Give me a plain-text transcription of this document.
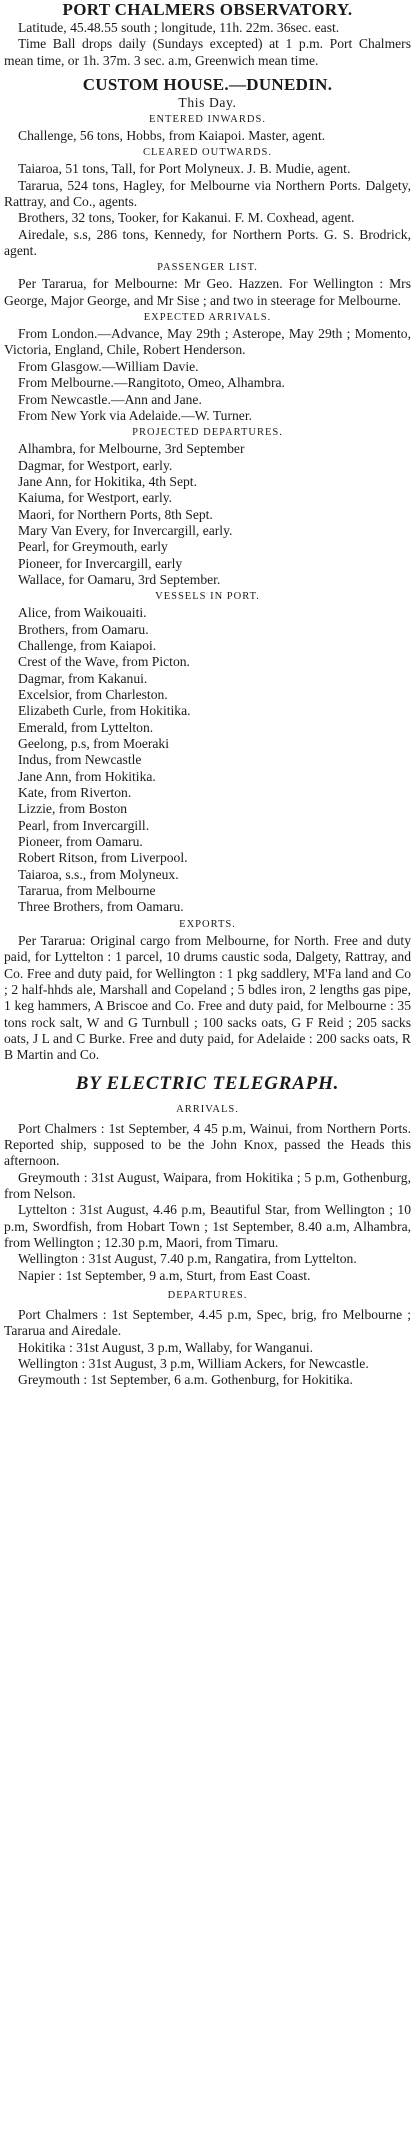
PORT CHALMERS OBSERVATORY.

Latitude, 45.48.55 south ; longitude, 11h. 22m. 36sec. east.

Time Ball drops daily (Sundays excepted) at 1 p.m. Port Chalmers mean time, or 1h. 37m. 3 sec. a.m, Greenwich mean time.

CUSTOM HOUSE.—DUNEDIN.
This Day.
ENTERED INWARDS.

Challenge, 56 tons, Hobbs, from Kaiapoi. Master, agent.

CLEARED OUTWARDS.

Taiaroa, 51 tons, Tall, for Port Molyneux. J. B. Mudie, agent.

Tararua, 524 tons, Hagley, for Melbourne via Northern Ports. Dalgety, Rattray, and Co., agents.

Brothers, 32 tons, Tooker, for Kakanui. F. M. Coxhead, agent.

Airedale, s.s, 286 tons, Kennedy, for Northern Ports. G. S. Brodrick, agent.

PASSENGER LIST.

Per Tararua, for Melbourne: Mr Geo. Hazzen. For Wellington : Mrs George, Major George, and Mr Sise ; and two in steerage for Melbourne.

EXPECTED ARRIVALS.

From London.—Advance, May 29th ; Asterope, May 29th ; Momento, Victoria, England, Chile, Robert Henderson.

From Glasgow.—William Davie.

From Melbourne.—Rangitoto, Omeo, Alhambra.

From Newcastle.—Ann and Jane.

From New York via Adelaide.—W. Turner.

PROJECTED DEPARTURES.
Alhambra, for Melbourne, 3rd September
Dagmar, for Westport, early.
Jane Ann, for Hokitika, 4th Sept.
Kaiuma, for Westport, early.
Maori, for Northern Ports, 8th Sept.
Mary Van Every, for Invercargill, early.
Pearl, for Greymouth, early
Pioneer, for Invercargill, early
Wallace, for Oamaru, 3rd September.
VESSELS IN PORT.
Alice, from Waikouaiti.
Brothers, from Oamaru.
Challenge, from Kaiapoi.
Crest of the Wave, from Picton.
Dagmar, from Kakanui.
Excelsior, from Charleston.
Elizabeth Curle, from Hokitika.
Emerald, from Lyttelton.
Geelong, p.s, from Moeraki
Indus, from Newcastle
Jane Ann, from Hokitika.
Kate, from Riverton.
Lizzie, from Boston
Pearl, from Invercargill.
Pioneer, from Oamaru.
Robert Ritson, from Liverpool.
Taiaroa, s.s., from Molyneux.
Tararua, from Melbourne
Three Brothers, from Oamaru.
EXPORTS.

Per Tararua: Original cargo from Melbourne, for North. Free and duty paid, for Lyttelton : 1 parcel, 10 drums caustic soda, Dalgety, Rattray, and Co. Free and duty paid, for Wellington : 1 pkg saddlery, M'Fa land and Co ; 2 half-hhds ale, Marshall and Copeland ; 5 bdles iron, 2 lengths gas pipe, 1 keg hammers, A Briscoe and Co. Free and duty paid, for Melbourne : 35 tons rock salt, W and G Turnbull ; 100 sacks oats, G F Reid ; 205 sacks oats, J L and C Burke. Free and duty paid, for Adelaide : 200 sacks oats, R B Martin and Co.

BY ELECTRIC TELEGRAPH.
ARRIVALS.

Port Chalmers : 1st September, 4 45 p.m, Wainui, from Northern Ports. Reported ship, supposed to be the John Knox, passed the Heads this afternoon.

Greymouth : 31st August, Waipara, from Hokitika ; 5 p.m, Gothenburg, from Nelson.

Lyttelton : 31st August, 4.46 p.m, Beautiful Star, from Wellington ; 10 p.m, Swordfish, from Hobart Town ; 1st September, 8.40 a.m, Alhambra, from Wellington ; 12.30 p.m, Maori, from Timaru.

Wellington : 31st August, 7.40 p.m, Rangatira, from Lyttelton.

Napier : 1st September, 9 a.m, Sturt, from East Coast.

DEPARTURES.

Port Chalmers : 1st September, 4.45 p.m, Spec, brig, fro Melbourne ; Tararua and Airedale.

Hokitika : 31st August, 3 p.m, Wallaby, for Wanganui.

Wellington : 31st August, 3 p.m, William Ackers, for Newcastle.

Greymouth : 1st September, 6 a.m. Gothenburg, for Hokitika.
